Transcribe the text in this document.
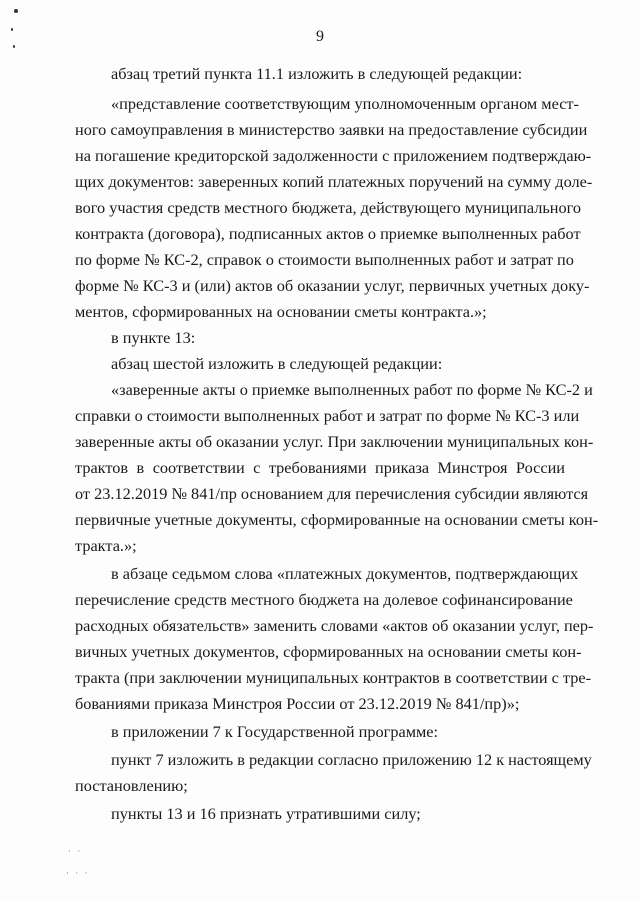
9
абзац третий пункта 11.1 изложить в следующей редакции:
«представление соответствующим уполномоченным органом мест-
ного самоуправления в министерство заявки на предоставление субсидии
на погашение кредиторской задолженности с приложением подтверждаю-
щих документов: заверенных копий платежных поручений на сумму доле-
вого участия средств местного бюджета, действующего муниципального
контракта (договора), подписанных актов о приемке выполненных работ
по форме № КС-2, справок о стоимости выполненных работ и затрат по
форме № КС-3 и (или) актов об оказании услуг, первичных учетных доку-
ментов, сформированных на основании сметы контракта.»;
в пункте 13:
абзац шестой изложить в следующей редакции:
«заверенные акты о приемке выполненных работ по форме № КС-2 и
справки о стоимости выполненных работ и затрат по форме № КС-3 или
заверенные акты об оказании услуг. При заключении муниципальных кон-
трактов в соответствии с требованиями приказа Минстроя России
от 23.12.2019 № 841/пр основанием для перечисления субсидии являются
первичные учетные документы, сформированные на основании сметы кон-
тракта.»;
в абзаце седьмом слова «платежных документов, подтверждающих
перечисление средств местного бюджета на долевое софинансирование
расходных обязательств» заменить словами «актов об оказании услуг, пер-
вичных учетных документов, сформированных на основании сметы кон-
тракта (при заключении муниципальных контрактов в соответствии с тре-
бованиями приказа Минстроя России от 23.12.2019 № 841/пр)»;
в приложении 7 к Государственной программе:
пункт 7 изложить в редакции согласно приложению 12 к настоящему
постановлению;
пункты 13 и 16 признать утратившими силу;
· ·
· · ·
